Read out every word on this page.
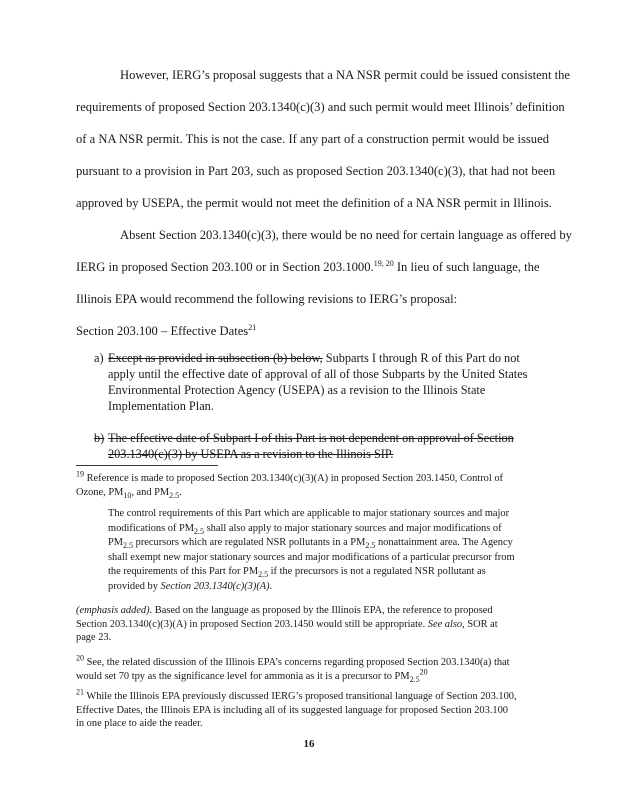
However, IERG’s proposal suggests that a NA NSR permit could be issued consistent the
requirements of proposed Section 203.1340(c)(3) and such permit would meet Illinois’ definition
of a NA NSR permit. This is not the case. If any part of a construction permit would be issued
pursuant to a provision in Part 203, such as proposed Section 203.1340(c)(3), that had not been
approved by USEPA, the permit would not meet the definition of a NA NSR permit in Illinois.
Absent Section 203.1340(c)(3), there would be no need for certain language as offered by
IERG in proposed Section 203.100 or in Section 203.1000.$^{19, 20}$ In lieu of such language, the
Illinois EPA would recommend the following revisions to IERG’s proposal:
Section 203.100 – Effective Dates$^{21}$
a) Except as provided in subsection (b) below, Subparts I through R of this Part do not
apply until the effective date of approval of all of those Subparts by the United States
Environmental Protection Agency (USEPA) as a revision to the Illinois State
Implementation Plan.
b) The effective date of Subpart I of this Part is not dependent on approval of Section
203.1340(c)(3) by USEPA as a revision to the Illinois SIP.
$^{19}$ Reference is made to proposed Section 203.1340(c)(3)(A) in proposed Section 203.1450, Control of
Ozone, $PM_{10}$, and $PM_{2.5}$.
The control requirements of this Part which are applicable to major stationary sources and major
modifications of $PM_{2.5}$ shall also apply to major stationary sources and major modifications of
$PM_{2.5}$ precursors which are regulated NSR pollutants in a $PM_{2.5}$ nonattainment area. The Agency
shall exempt new major stationary sources and major modifications of a particular precursor from
the requirements of this Part for $PM_{2.5}$ if the precursors is not a regulated NSR pollutant as
provided by Section 203.1340(c)(3)(A).
(emphasis added). Based on the language as proposed by the Illinois EPA, the reference to proposed
Section 203.1340(c)(3)(A) in proposed Section 203.1450 would still be appropriate. See also, SOR at
page 23.
$^{20}$ See, the related discussion of the Illinois EPA’s concerns regarding proposed Section 203.1340(a) that
would set 70 tpy as the significance level for ammonia as it is a precursor to $PM_{2.5}^{20}$
$^{21}$ While the Illinois EPA previously discussed IERG’s proposed transitional language of Section 203.100,
Effective Dates, the Illinois EPA is including all of its suggested language for proposed Section 203.100
in one place to aide the reader.
16
